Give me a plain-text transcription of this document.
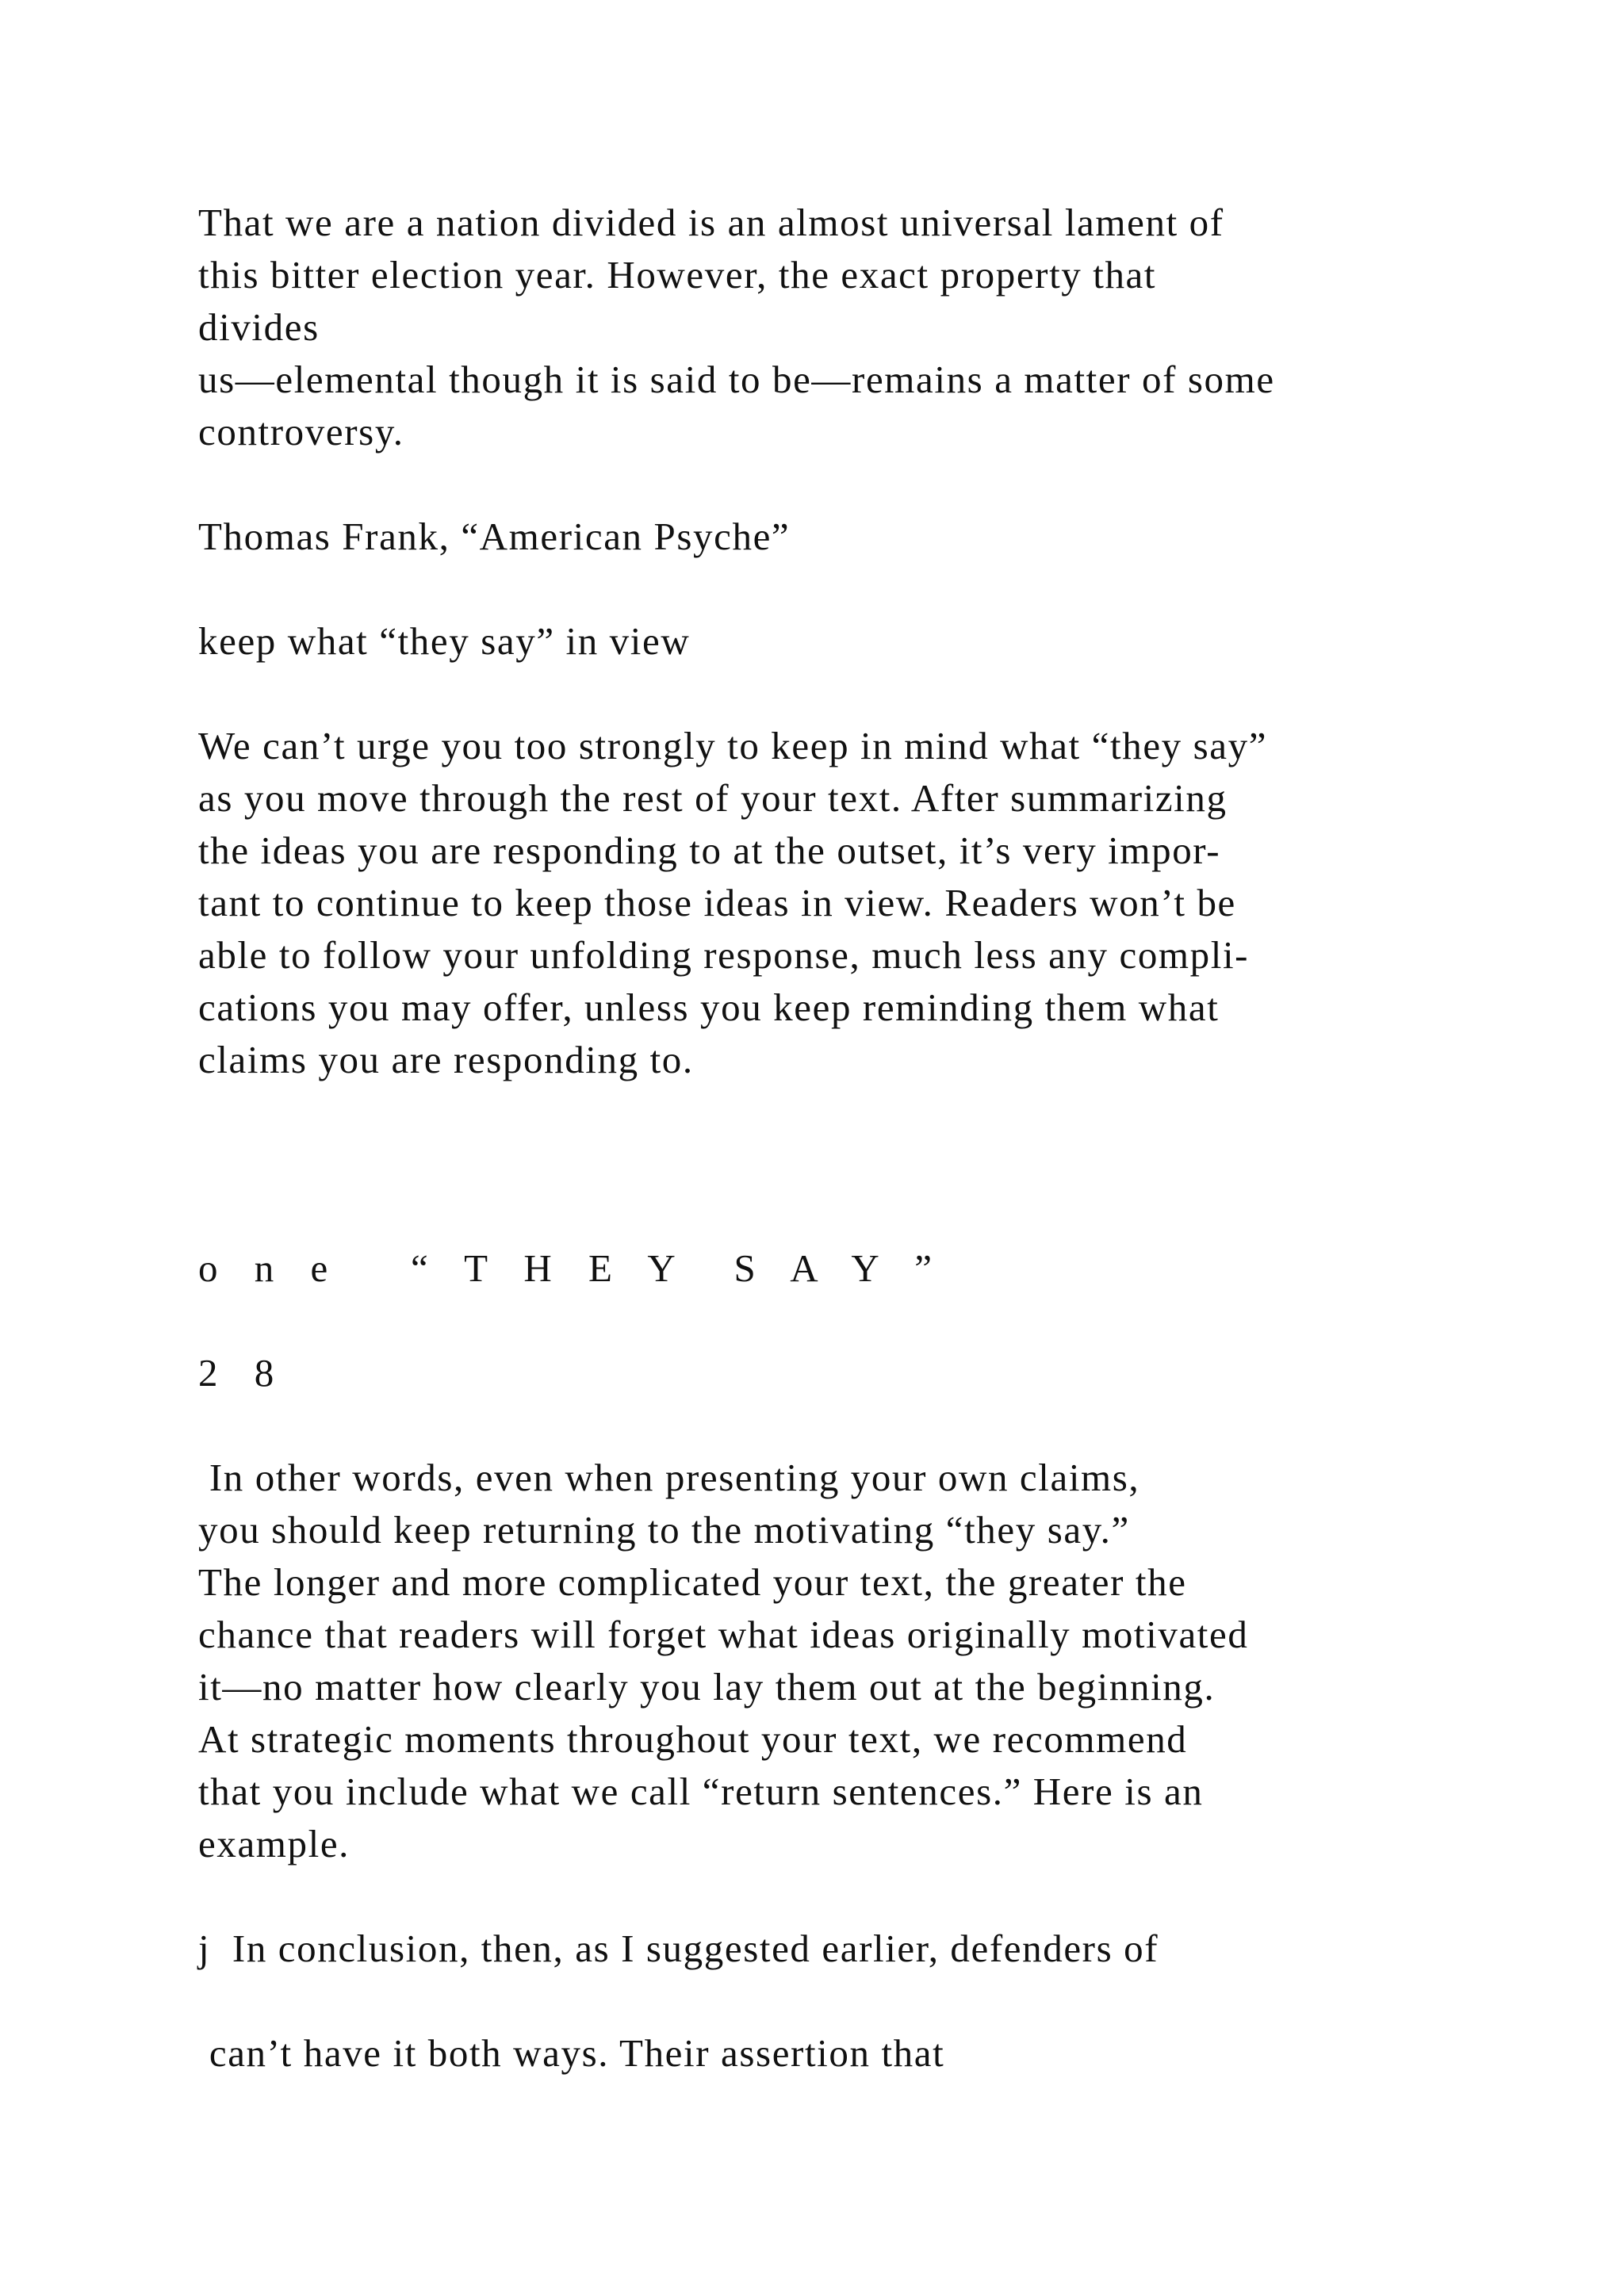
That we are a nation divided is an almost universal lament of

this bitter election year. However, the exact property that

divides

us—elemental though it is said to be—remains a matter of some

controversy.

Thomas Frank, “American Psyche”

keep what “they say” in view

We can’t urge you too strongly to keep in mind what “they say”

as you move through the rest of your text. After summarizing

the ideas you are responding to at the outset, it’s very impor-

tant to continue to keep those ideas in view. Readers won’t be

able to follow your unfolding response, much less any compli-

cations you may offer, unless you keep reminding them what

claims you are responding to.

o n e   “ T H E Y  S A Y ”

2 8

In other words, even when presenting your own claims,

you should keep returning to the motivating “they say.”

The longer and more complicated your text, the greater the

chance that readers will forget what ideas originally motivated

it—no matter how clearly you lay them out at the beginning.

At strategic moments throughout your text, we recommend

that you include what we call “return sentences.” Here is an

example.

j  In conclusion, then, as I suggested earlier, defenders of

can’t have it both ways. Their assertion that
